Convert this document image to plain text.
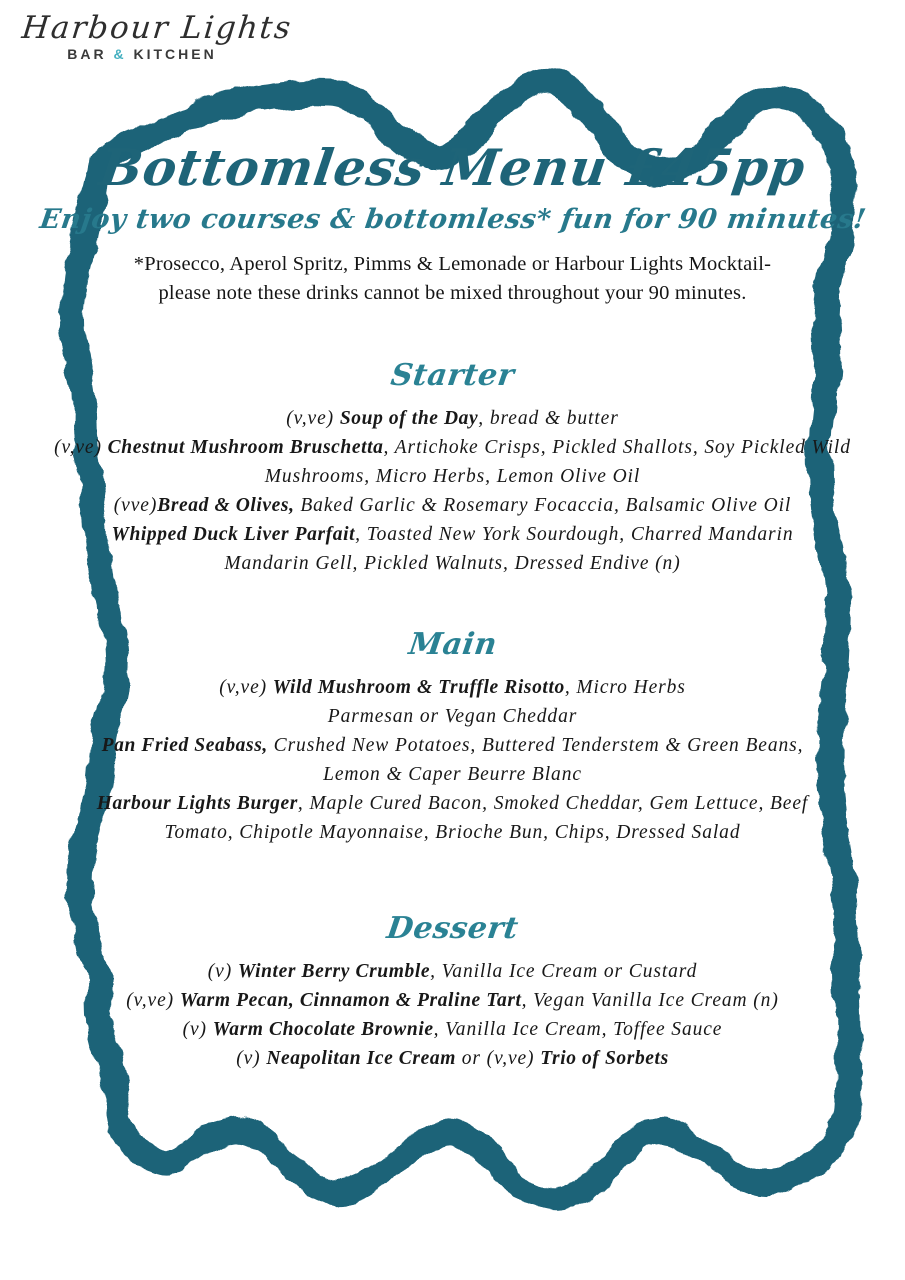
Harbour Lights
BAR & KITCHEN
Bottomless Menu £45pp
Enjoy two courses & bottomless* fun for 90 minutes!
*Prosecco, Aperol Spritz, Pimms & Lemonade or Harbour Lights Mocktail-
please note these drinks cannot be mixed throughout your 90 minutes.
Starter

(v,ve) Soup of the Day, bread & butter

(v,ve) Chestnut Mushroom Bruschetta, Artichoke Crisps, Pickled Shallots, Soy Pickled Wild

Mushrooms, Micro Herbs, Lemon Olive Oil

(vve)Bread & Olives, Baked Garlic & Rosemary Focaccia, Balsamic Olive Oil

Whipped Duck Liver Parfait, Toasted New York Sourdough, Charred Mandarin

Mandarin Gell, Pickled Walnuts, Dressed Endive (n)

Main

(v,ve) Wild Mushroom & Truffle Risotto, Micro Herbs

Parmesan or Vegan Cheddar

Pan Fried Seabass, Crushed New Potatoes, Buttered Tenderstem & Green Beans,

Lemon & Caper Beurre Blanc

Harbour Lights Burger, Maple Cured Bacon, Smoked Cheddar, Gem Lettuce, Beef

Tomato, Chipotle Mayonnaise, Brioche Bun, Chips, Dressed Salad

Dessert

(v) Winter Berry Crumble, Vanilla Ice Cream or Custard

(v,ve) Warm Pecan, Cinnamon & Praline Tart, Vegan Vanilla Ice Cream (n)

(v) Warm Chocolate Brownie, Vanilla Ice Cream, Toffee Sauce

(v) Neapolitan Ice Cream or (v,ve) Trio of Sorbets
